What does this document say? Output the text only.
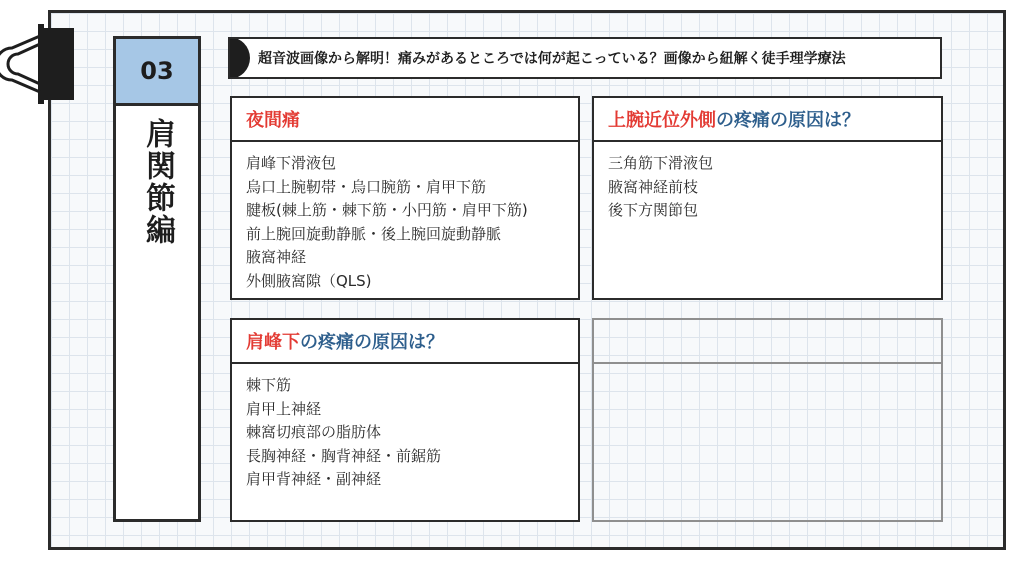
03
肩関節編
超音波画像から解明！痛みがあるところでは何が起こっている？画像から紐解く徒手理学療法
夜間痛
肩峰下滑液包
烏口上腕靭帯・烏口腕筋・肩甲下筋
腱板(棘上筋・棘下筋・小円筋・肩甲下筋)
前上腕回旋動静脈・後上腕回旋動静脈
腋窩神経
外側腋窩隙（QLS)
上腕近位外側 の疼痛の原因は？
三角筋下滑液包
腋窩神経前枝
後下方関節包
肩峰下 の疼痛の原因は？
棘下筋
肩甲上神経
棘窩切痕部の脂肪体
長胸神経・胸背神経・前鋸筋
肩甲背神経・副神経
